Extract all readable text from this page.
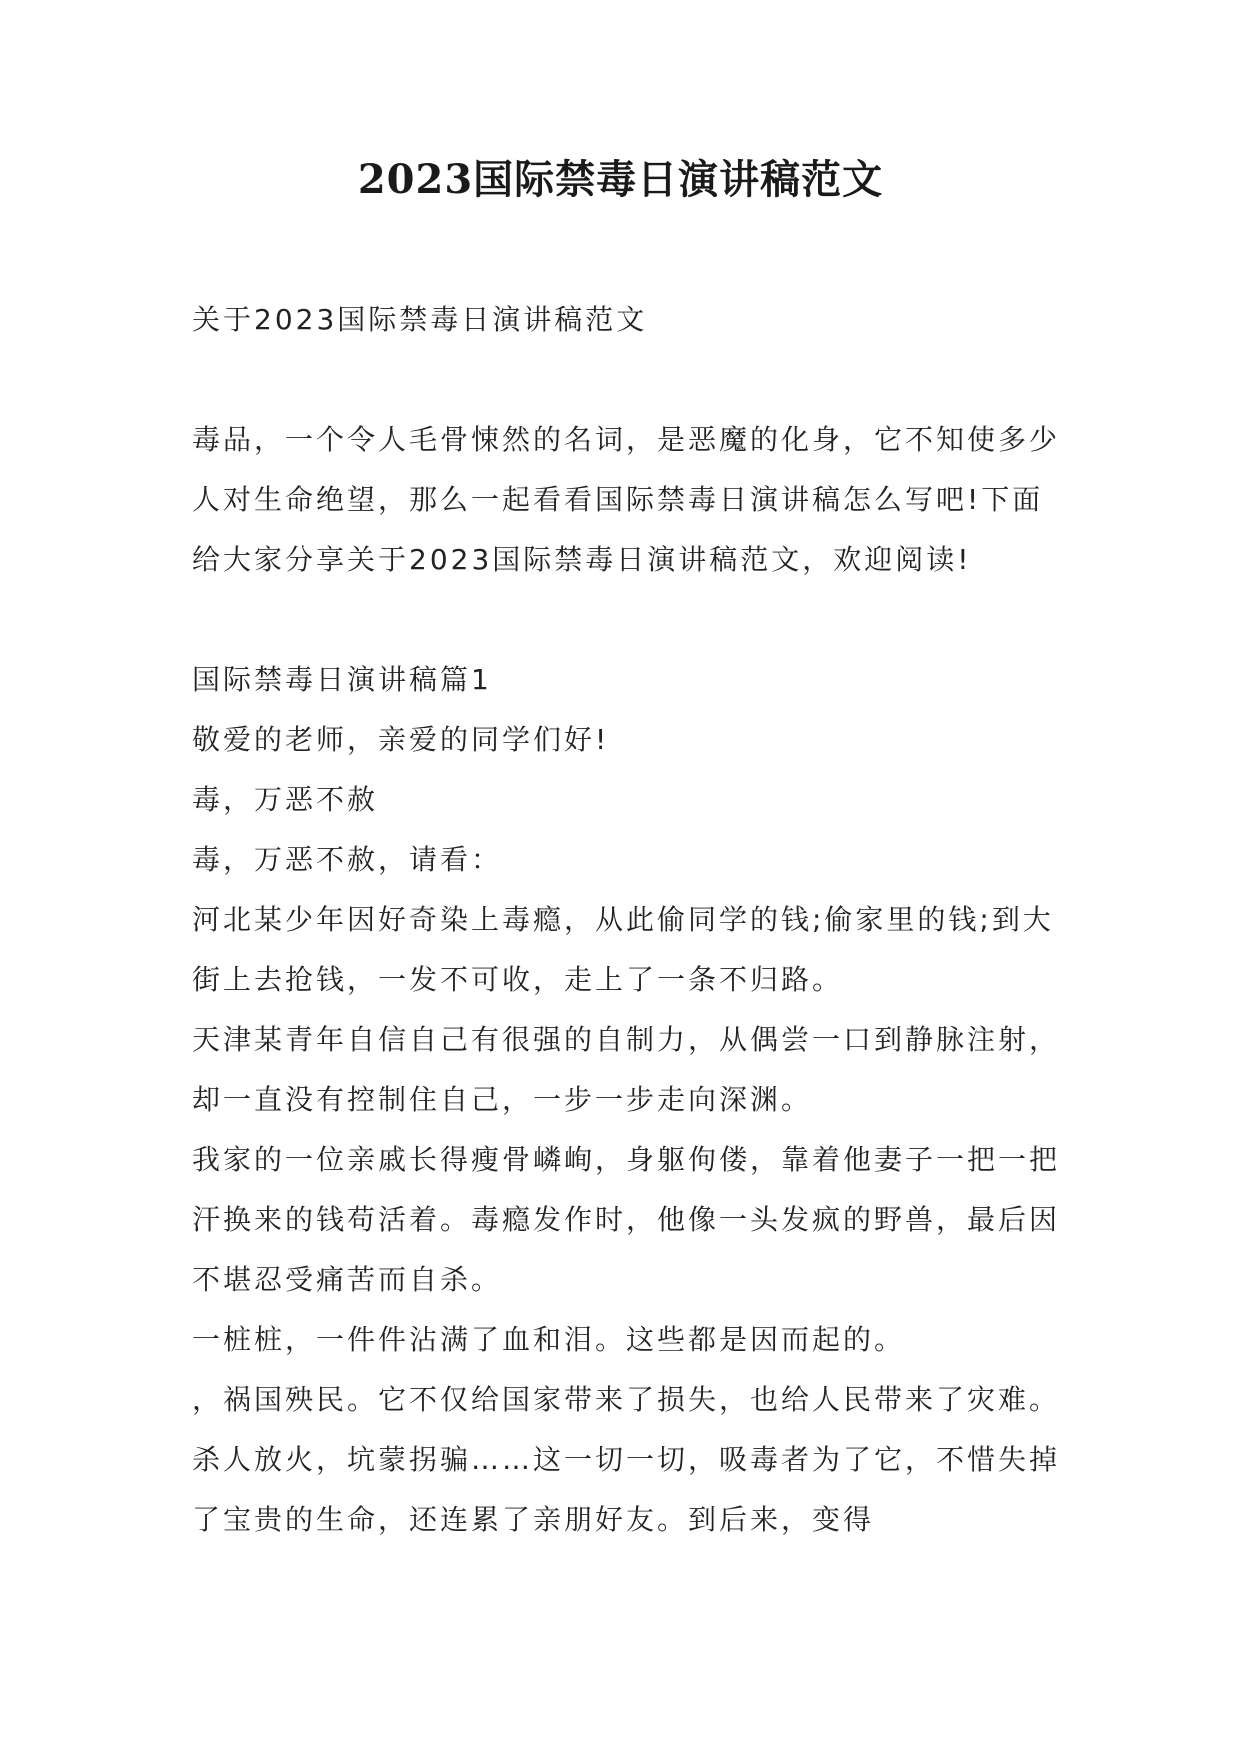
2023国际禁毒日演讲稿范文

关于2023国际禁毒日演讲稿范文

毒品，一个令人毛骨悚然的名词，是恶魔的化身，它不知使多少人对生命绝望，那么一起看看国际禁毒日演讲稿怎么写吧!下面给大家分享关于2023国际禁毒日演讲稿范文，欢迎阅读!

国际禁毒日演讲稿篇1

敬爱的老师，亲爱的同学们好!

毒，万恶不赦

毒，万恶不赦，请看：

河北某少年因好奇染上毒瘾，从此偷同学的钱;偷家里的钱;到大街上去抢钱，一发不可收，走上了一条不归路。

天津某青年自信自己有很强的自制力，从偶尝一口到静脉注射，却一直没有控制住自己，一步一步走向深渊。

我家的一位亲戚长得瘦骨嶙峋，身躯佝偻，靠着他妻子一把一把汗换来的钱苟活着。毒瘾发作时，他像一头发疯的野兽，最后因不堪忍受痛苦而自杀。

一桩桩，一件件沾满了血和泪。这些都是因而起的。

，祸国殃民。它不仅给国家带来了损失，也给人民带来了灾难。杀人放火，坑蒙拐骗……这一切一切，吸毒者为了它，不惜失掉了宝贵的生命，还连累了亲朋好友。到后来，变得
